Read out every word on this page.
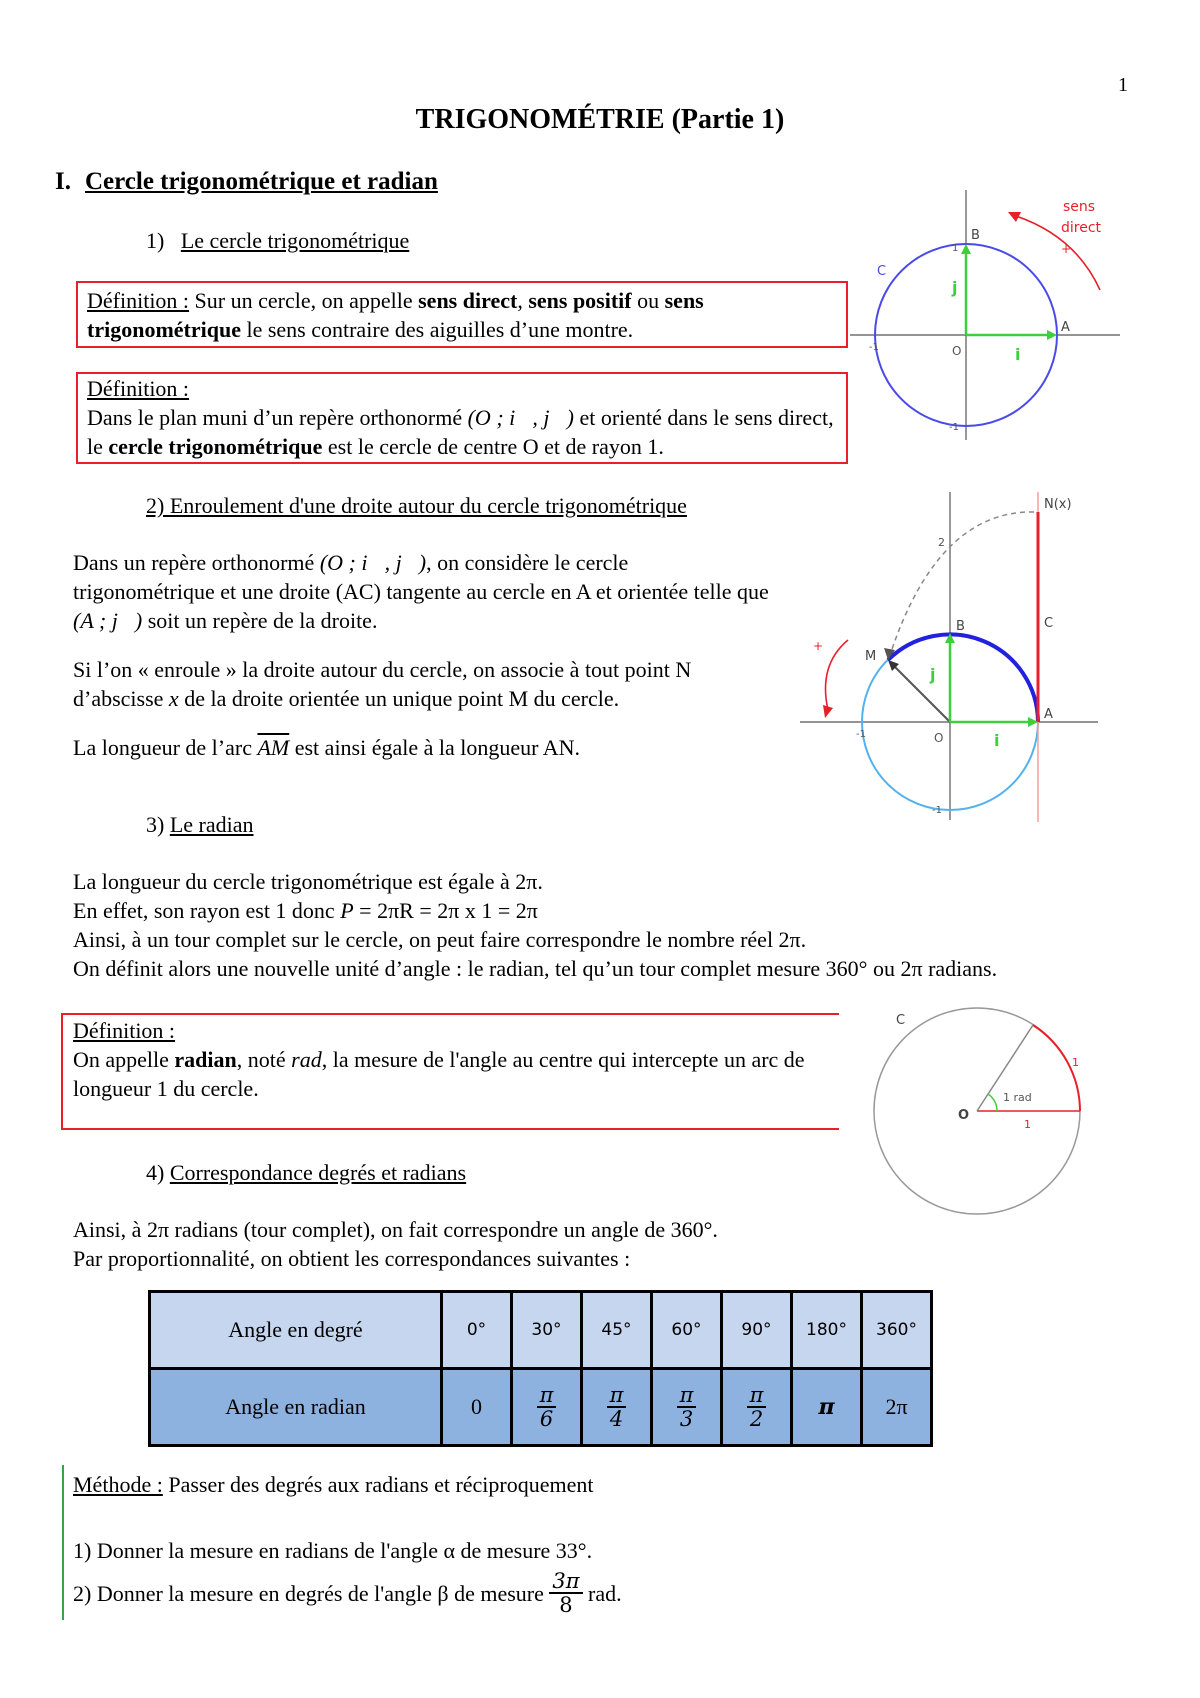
1
TRIGONOMÉTRIE (Partie 1)
I. Cercle trigonométrique et radian
1) Le cercle trigonométrique
Définition : Sur un cercle, on appelle sens direct, sens positif ou sens trigonométrique le sens contraire des aiguilles d’une montre.
Définition :
Dans le plan muni d’un repère orthonormé (O ; i⃗, j⃗) et orienté dans le sens direct, le cercle trigonométrique est le cercle de centre O et de rayon 1.
sens
direct
+
B
C
A
O
1
-1
-1
j
i
2) Enroulement d'une droite autour du cercle trigonométrique
Dans un repère orthonormé (O ; i⃗, j⃗), on considère le cercle trigonométrique et une droite (AC) tangente au cercle en A et orientée telle que (A ; j⃗) soit un repère de la droite.
Si l’on « enroule » la droite autour du cercle, on associe à tout point N d’abscisse x de la droite orientée un unique point M du cercle.
La longueur de l’arc $\overline{AM}$ est ainsi égale à la longueur AN.
+
N(x)
2
C
B
M
A
O
-1
-1
j
i
3) Le radian
La longueur du cercle trigonométrique est égale à 2π.
En effet, son rayon est 1 donc P = 2πR = 2π x 1 = 2π
Ainsi, à un tour complet sur le cercle, on peut faire correspondre le nombre réel 2π.
On définit alors une nouvelle unité d’angle : le radian, tel qu’un tour complet mesure 360° ou 2π radians.
Définition :
On appelle radian, noté rad, la mesure de l'angle au centre qui intercepte un arc de longueur 1 du cercle.
C
O
1
1
1 rad
4) Correspondance degrés et radians
Ainsi, à 2π radians (tour complet), on fait correspondre un angle de 360°.
Par proportionnalité, on obtient les correspondances suivantes :
Angle en degré	0°	30°	45°	60°	90°	180°	360°
Angle en radian	0	$\frac{\pi}{6}$	$\frac{\pi}{4}$	$\frac{\pi}{3}$	$\frac{\pi}{2}$	π	2π
Méthode : Passer des degrés aux radians et réciproquement
1) Donner la mesure en radians de l'angle α de mesure 33°.
2) Donner la mesure en degrés de l'angle β de mesure $\frac{3\pi}{8}$ rad.
